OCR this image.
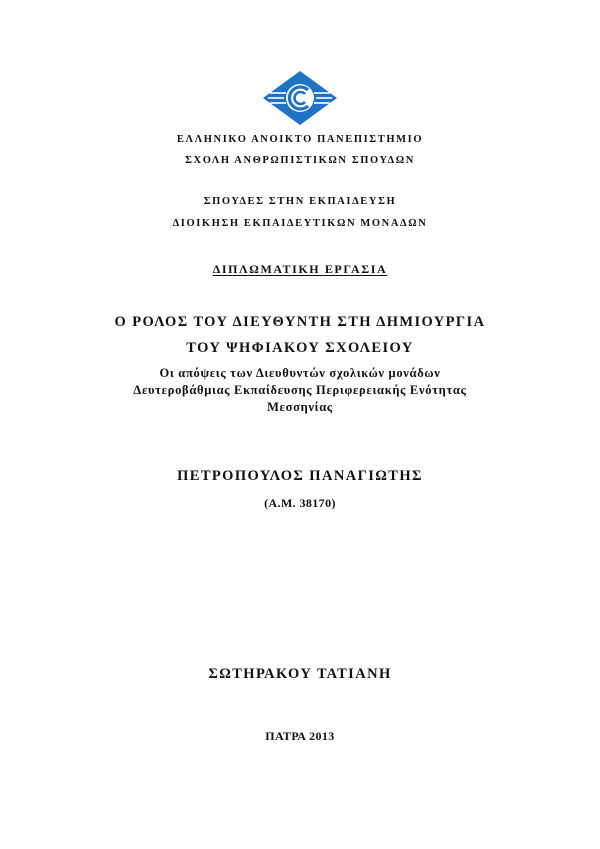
ΕΛΛΗΝΙΚΟ ΑΝΟΙΚΤΟ ΠΑΝΕΠΙΣΤΗΜΙΟ
ΣΧΟΛΗ ΑΝΘΡΩΠΙΣΤΙΚΩΝ ΣΠΟΥΔΩΝ
ΣΠΟΥΔΕΣ ΣΤΗΝ ΕΚΠΑΙΔΕΥΣΗ
ΔΙΟΙΚΗΣΗ ΕΚΠΑΙΔΕΥΤΙΚΩΝ ΜΟΝΑΔΩΝ
ΔΙΠΛΩΜΑΤΙΚΗ ΕΡΓΑΣΙΑ
Ο ΡΟΛΟΣ ΤΟΥ ΔΙΕΥΘΥΝΤΗ ΣΤΗ ΔΗΜΙΟΥΡΓΙΑ
ΤΟΥ ΨΗΦΙΑΚΟΥ ΣΧΟΛΕΙΟΥ
Οι απόψεις των Διευθυντών σχολικών μονάδων
Δευτεροβάθμιας Εκπαίδευσης Περιφερειακής Ενότητας
Μεσσηνίας
ΠΕΤΡΟΠΟΥΛΟΣ ΠΑΝΑΓΙΩΤΗΣ
(Α.Μ. 38170)
ΣΩΤΗΡΑΚΟΥ ΤΑΤΙΑΝΗ
ΠΑΤΡΑ 2013
